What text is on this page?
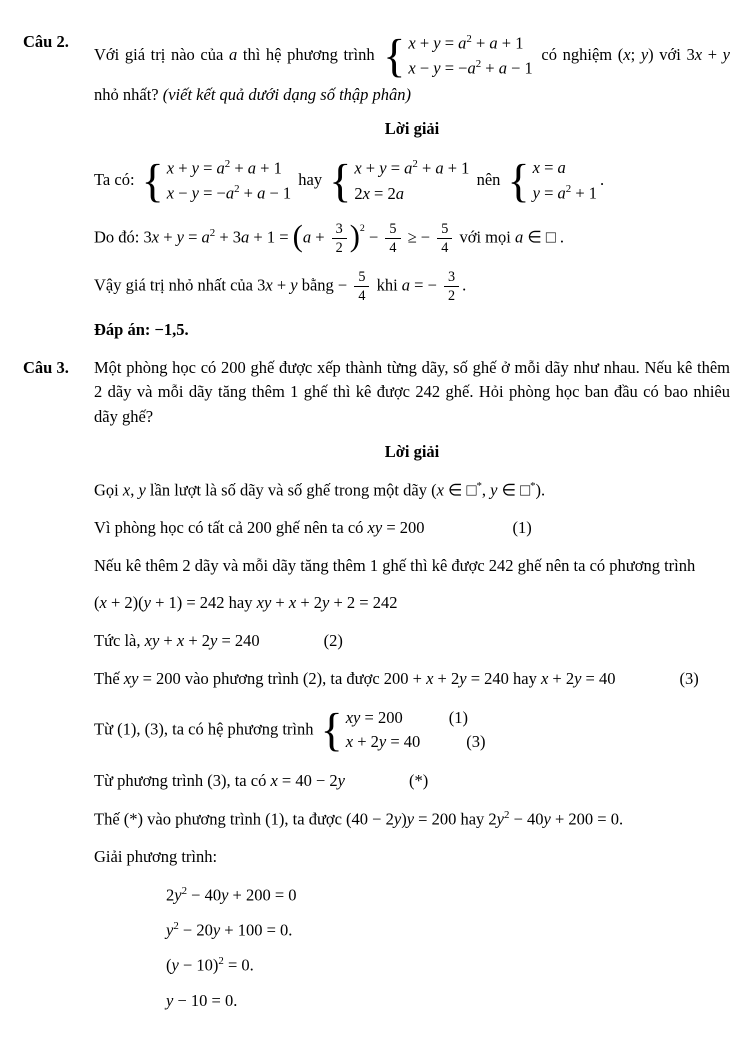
Câu 2.
Với giá trị nào của a thì hệ phương trình { $x + y = a^2 + a + 1$
$x - y = -a^2 + a - 1$
có nghiệm (x; y) với 3x + y nhỏ nhất? (viết kết quả dưới dạng số thập phân)
Lời giải
Ta có: { $x + y = a^2 + a + 1$
$x - y = -a^2 + a - 1$
hay { $x + y = a^2 + a + 1$
2x = 2a
nên { x = a
$y = a^2 + 1$
.
Do đó: $3x + y = a^2 + 3a + 1 = (a + \frac{3}{2} )^2 - \frac{5}{4}$ ≥ − $\frac{5}{4}$ với mọi a ∈ □ .
Vậy giá trị nhỏ nhất của 3x + y bằng − $\frac{5}{4}$ khi a = − $\frac{3}{2}$ .
Đáp án: −1,5.
Câu 3.	Một phòng học có 200 ghế được xếp thành từng dãy, số ghế ở mỗi dãy như nhau. Nếu kê thêm 2 dãy và mỗi dãy tăng thêm 1 ghế thì kê được 242 ghế. Hỏi phòng học ban đầu có bao nhiêu dãy ghế?
Lời giải
Gọi x, y lần lượt là số dãy và số ghế trong một dãy (x ∈ □*, y ∈ □*).
Vì phòng học có tất cả 200 ghế nên ta có xy = 200	(1)
Nếu kê thêm 2 dãy và mỗi dãy tăng thêm 1 ghế thì kê được 242 ghế nên ta có phương trình
(x + 2)(y + 1) = 242 hay xy + x + 2y + 2 = 242
Tức là, xy + x + 2y = 240	(2)
Thế xy = 200 vào phương trình (2), ta được 200 + x + 2y = 240 hay x + 2y = 40	(3)
Từ (1), (3), ta có hệ phương trình { xy = 200	(1)
x + 2y = 40	(3)
Từ phương trình (3), ta có x = 40 − 2y	(*)
Thế (*) vào phương trình (1), ta được (40 − 2y)y = 200 hay $2y^2 - 40y + 200 = 0$.
Giải phương trình:
$2y^2 - 40y + 200 = 0$
$y^2 - 20y + 100 = 0$.
$(y - 10)^2 = 0$.
y − 10 = 0.
